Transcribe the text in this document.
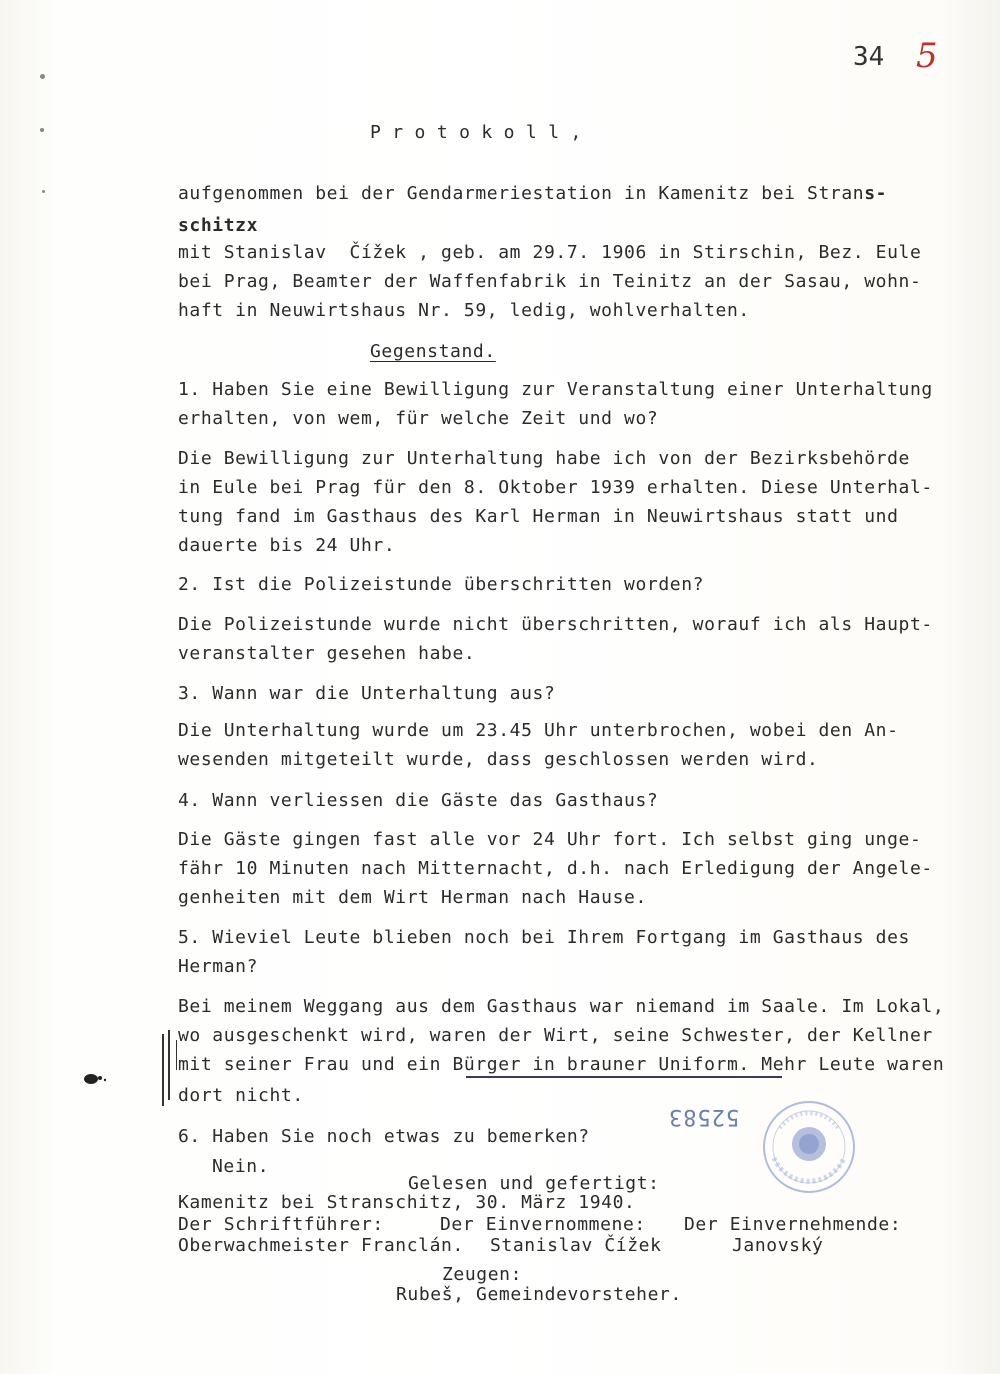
34 5
P r o t o k o l l ,
aufgenommen bei der Gendarmeriestation in Kamenitz bei Strans-
schitzx
mit Stanislav  Čížek , geb. am 29.7. 1906 in Stirschin, Bez. Eule
bei Prag, Beamter der Waffenfabrik in Teinitz an der Sasau, wohn-
haft in Neuwirtshaus Nr. 59, ledig, wohlverhalten.
Gegenstand.
1. Haben Sie eine Bewilligung zur Veranstaltung einer Unterhaltung
erhalten, von wem, für welche Zeit und wo?
Die Bewilligung zur Unterhaltung habe ich von der Bezirksbehörde
in Eule bei Prag für den 8. Oktober 1939 erhalten. Diese Unterhal-
tung fand im Gasthaus des Karl Herman in Neuwirtshaus statt und
dauerte bis 24 Uhr.
2. Ist die Polizeistunde überschritten worden?
Die Polizeistunde wurde nicht überschritten, worauf ich als Haupt-
veranstalter gesehen habe.
3. Wann war die Unterhaltung aus?
Die Unterhaltung wurde um 23.45 Uhr unterbrochen, wobei den An-
wesenden mitgeteilt wurde, dass geschlossen werden wird.
4. Wann verliessen die Gäste das Gasthaus?
Die Gäste gingen fast alle vor 24 Uhr fort. Ich selbst ging unge-
fähr 10 Minuten nach Mitternacht, d.h. nach Erledigung der Angele-
genheiten mit dem Wirt Herman nach Hause.
5. Wieviel Leute blieben noch bei Ihrem Fortgang im Gasthaus des
Herman?
Bei meinem Weggang aus dem Gasthaus war niemand im Saale. Im Lokal,
wo ausgeschenkt wird, waren der Wirt, seine Schwester, der Kellner
mit seiner Frau und ein Bürger in brauner Uniform. Mehr Leute waren
dort nicht.
6. Haben Sie noch etwas zu bemerken?
Nein.
Gelesen und gefertigt:
Kamenitz bei Stranschitz, 30. März 1940.
Der Schriftführer:	Der Einvernommene: Der Einvernehmende:
Oberwachmeister Franclán. Stanislav Čížek	Janovský
Zeugen:
Rubeš, Gemeindevorsteher.
52583
